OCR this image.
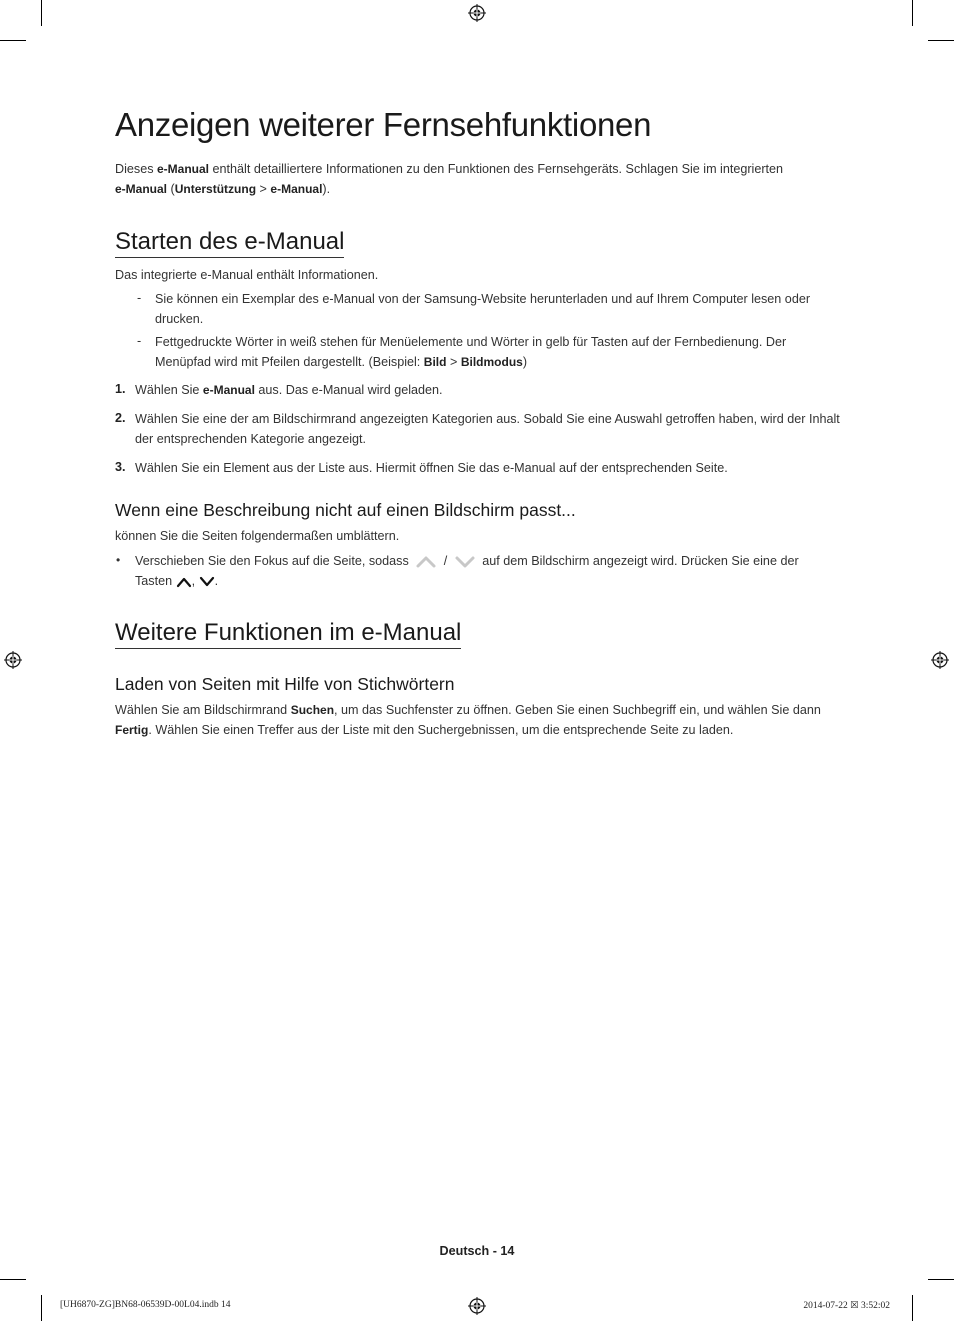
Anzeigen weiterer Fernsehfunktionen

Dieses e-Manual enthält detailliertere Informationen zu den Funktionen des Fernsehgeräts. Schlagen Sie im integrierten
e-Manual (Unterstützung > e-Manual).

Starten des e-Manual

Das integrierte e-Manual enthält Informationen.

- Sie können ein Exemplar des e-Manual von der Samsung-Website herunterladen und auf Ihrem Computer lesen oder drucken.

- Fettgedruckte Wörter in weiß stehen für Menüelemente und Wörter in gelb für Tasten auf der Fernbedienung. Der Menüpfad wird mit Pfeilen dargestellt. (Beispiel: Bild > Bildmodus)

1. Wählen Sie e-Manual aus. Das e-Manual wird geladen.

2. Wählen Sie eine der am Bildschirmrand angezeigten Kategorien aus. Sobald Sie eine Auswahl getroffen haben, wird der Inhalt der entsprechenden Kategorie angezeigt.

3. Wählen Sie ein Element aus der Liste aus. Hiermit öffnen Sie das e-Manual auf der entsprechenden Seite.

Wenn eine Beschreibung nicht auf einen Bildschirm passt...

können Sie die Seiten folgendermaßen umblättern.

• Verschieben Sie den Fokus auf die Seite, sodass	/	auf dem Bildschirm angezeigt wird. Drücken Sie eine der
Tasten , .

Weitere Funktionen im e-Manual
Laden von Seiten mit Hilfe von Stichwörtern

Wählen Sie am Bildschirmrand Suchen, um das Suchfenster zu öffnen. Geben Sie einen Suchbegriff ein, und wählen Sie dann
Fertig. Wählen Sie einen Treffer aus der Liste mit den Suchergebnissen, um die entsprechende Seite zu laden.

Deutsch - 14
[UH6870-ZG]BN68-06539D-00L04.indb 14	2014-07-22 ☒ 3:52:02
